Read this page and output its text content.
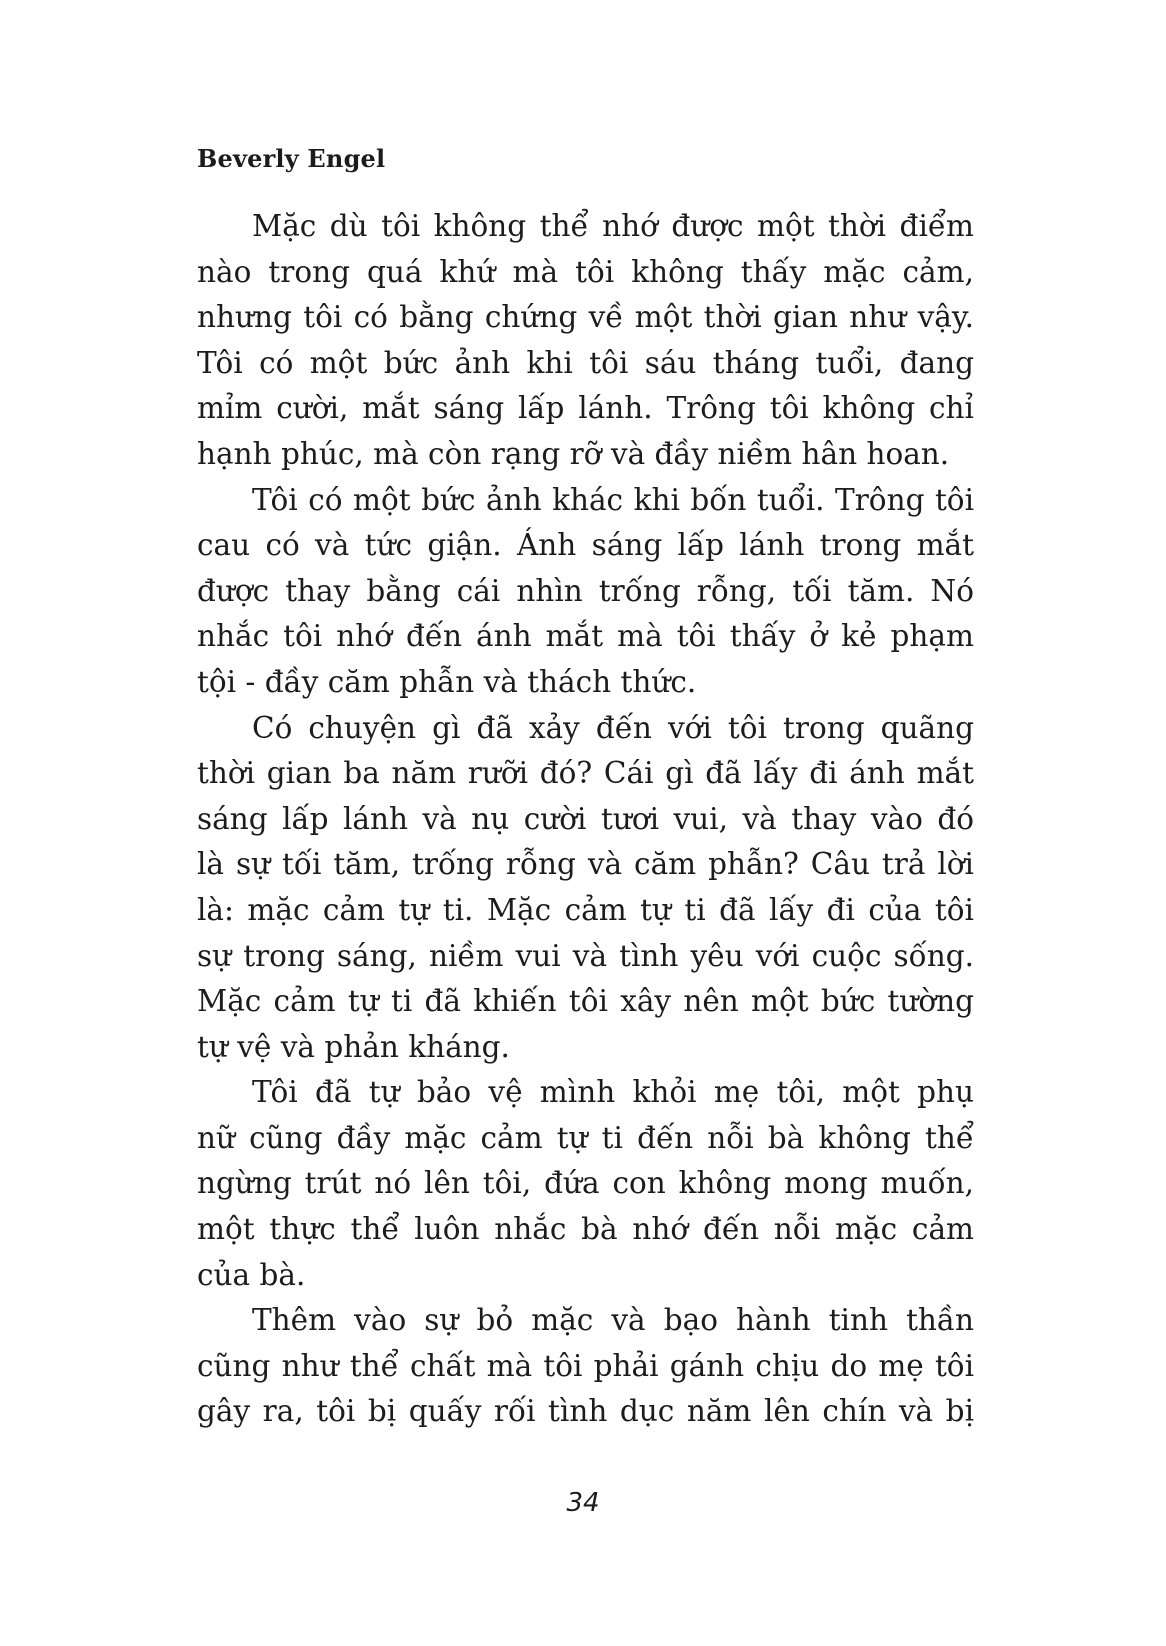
Beverly Engel
Mặc dù tôi không thể nhớ được một thời điểm
nào trong quá khứ mà tôi không thấy mặc cảm,
nhưng tôi có bằng chứng về một thời gian như vậy.
Tôi có một bức ảnh khi tôi sáu tháng tuổi, đang
mỉm cười, mắt sáng lấp lánh. Trông tôi không chỉ
hạnh phúc, mà còn rạng rỡ và đầy niềm hân hoan.
Tôi có một bức ảnh khác khi bốn tuổi. Trông tôi
cau có và tức giận. Ánh sáng lấp lánh trong mắt
được thay bằng cái nhìn trống rỗng, tối tăm. Nó
nhắc tôi nhớ đến ánh mắt mà tôi thấy ở kẻ phạm
tội - đầy căm phẫn và thách thức.
Có chuyện gì đã xảy đến với tôi trong quãng
thời gian ba năm rưỡi đó? Cái gì đã lấy đi ánh mắt
sáng lấp lánh và nụ cười tươi vui, và thay vào đó
là sự tối tăm, trống rỗng và căm phẫn? Câu trả lời
là: mặc cảm tự ti. Mặc cảm tự ti đã lấy đi của tôi
sự trong sáng, niềm vui và tình yêu với cuộc sống.
Mặc cảm tự ti đã khiến tôi xây nên một bức tường
tự vệ và phản kháng.
Tôi đã tự bảo vệ mình khỏi mẹ tôi, một phụ
nữ cũng đầy mặc cảm tự ti đến nỗi bà không thể
ngừng trút nó lên tôi, đứa con không mong muốn,
một thực thể luôn nhắc bà nhớ đến nỗi mặc cảm
của bà.
Thêm vào sự bỏ mặc và bạo hành tinh thần
cũng như thể chất mà tôi phải gánh chịu do mẹ tôi
gây ra, tôi bị quấy rối tình dục năm lên chín và bị
34
